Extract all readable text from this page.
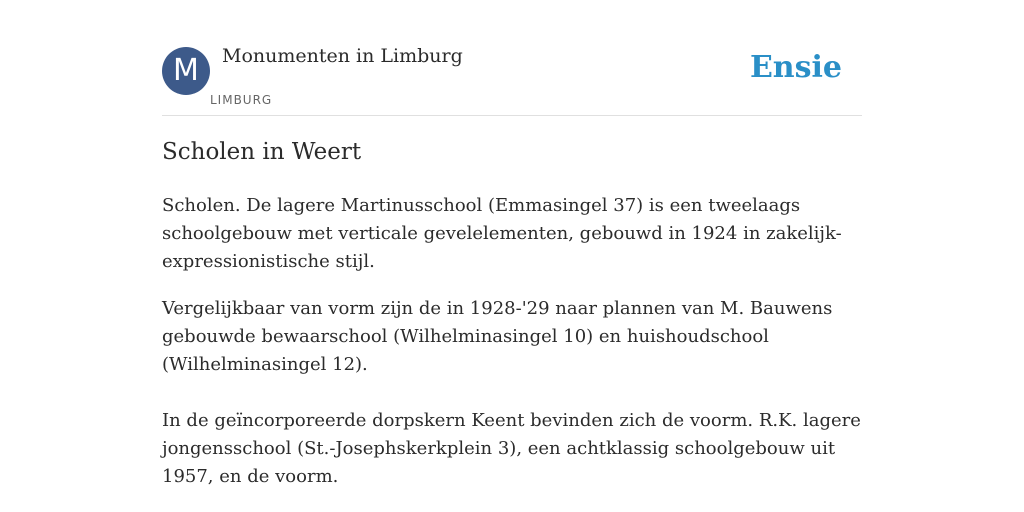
M	Monumenten in Limburg
LIMBURG
Ensie
Scholen in Weert

Scholen. De lagere Martinusschool (Emmasingel 37) is een tweelaags schoolgebouw met verticale gevelelementen, gebouwd in 1924 in zakelijk-expressionistische stijl.

Vergelijkbaar van vorm zijn de in 1928-'29 naar plannen van M. Bauwens gebouwde bewaarschool (Wilhelminasingel 10) en huishoudschool (Wilhelminasingel 12).

In de geïncorporeerde dorpskern Keent bevinden zich de voorm. R.K. lagere jongensschool (St.-Josephskerkplein 3), een achtklassig schoolgebouw uit 1957, en de voorm.
